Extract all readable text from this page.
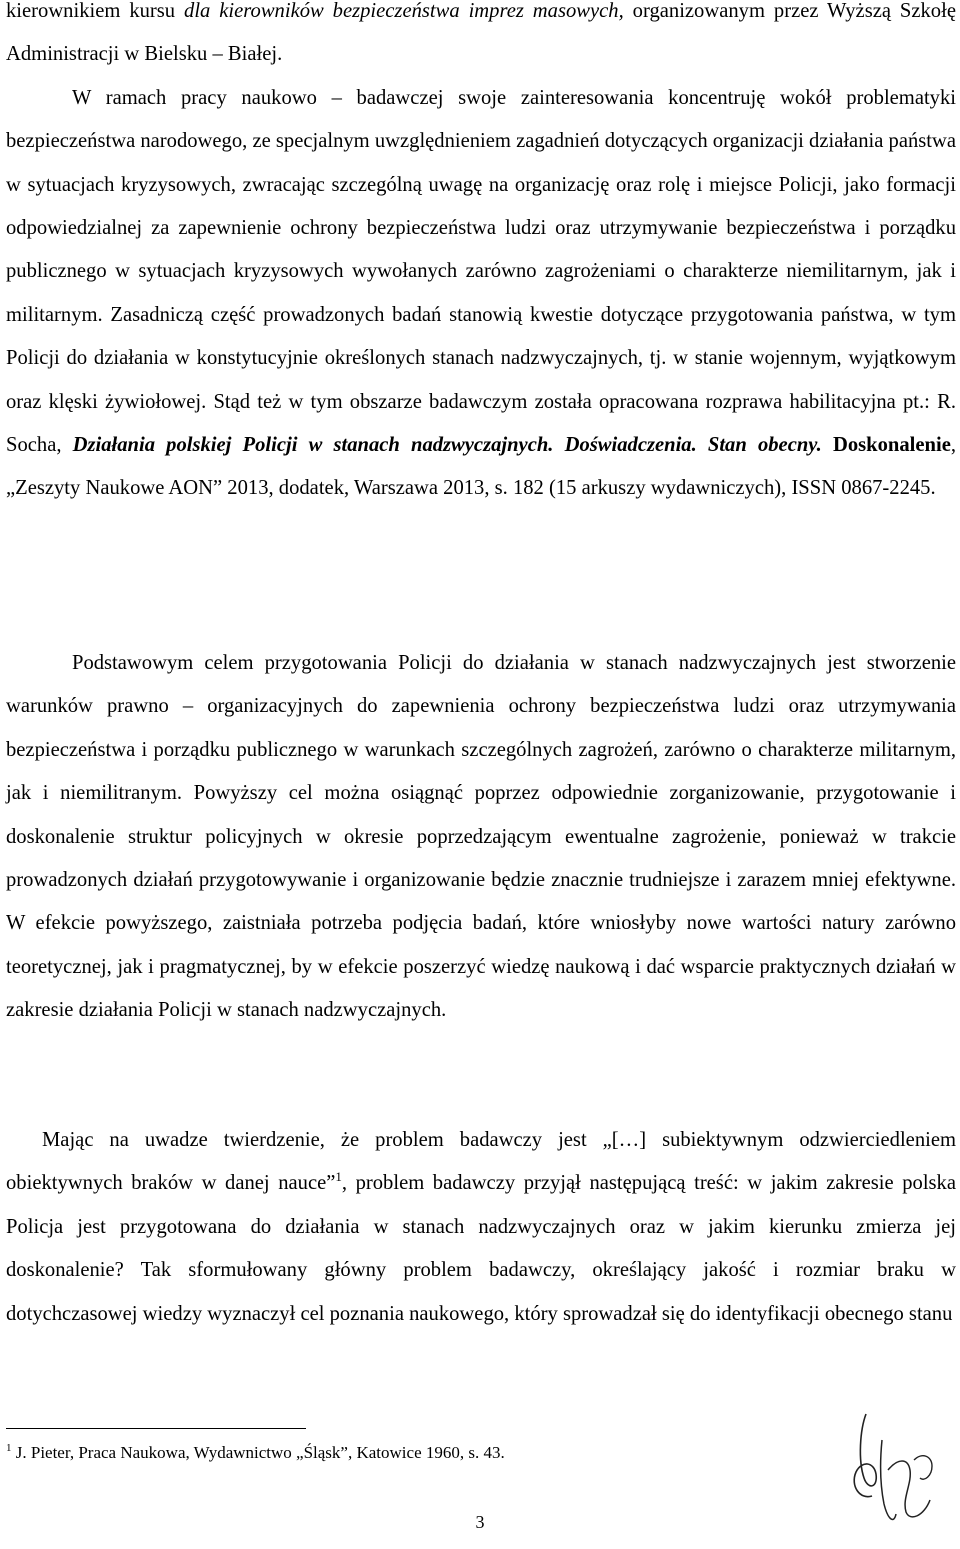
kierownikiem kursu dla kierowników bezpieczeństwa imprez masowych, organizowanym przez Wyższą Szkołę Administracji w Bielsku – Białej.
W ramach pracy naukowo – badawczej swoje zainteresowania koncentruję wokół problematyki bezpieczeństwa narodowego, ze specjalnym uwzględnieniem zagadnień dotyczących organizacji działania państwa w sytuacjach kryzysowych, zwracając szczególną uwagę na organizację oraz rolę i miejsce Policji, jako formacji odpowiedzialnej za zapewnienie ochrony bezpieczeństwa ludzi oraz utrzymywanie bezpieczeństwa i porządku publicznego w sytuacjach kryzysowych wywołanych zarówno zagrożeniami o charakterze niemilitarnym, jak i militarnym. Zasadniczą część prowadzonych badań stanowią kwestie dotyczące przygotowania państwa, w tym Policji do działania w konstytucyjnie określonych stanach nadzwyczajnych, tj. w stanie wojennym, wyjątkowym oraz klęski żywiołowej. Stąd też w tym obszarze badawczym została opracowana rozprawa habilitacyjna pt.: R. Socha, Działania polskiej Policji w stanach nadzwyczajnych. Doświadczenia. Stan obecny. Doskonalenie, „Zeszyty Naukowe AON” 2013, dodatek, Warszawa 2013, s. 182 (15 arkuszy wydawniczych), ISSN 0867-2245.

Podstawowym celem przygotowania Policji do działania w stanach nadzwyczajnych jest stworzenie warunków prawno – organizacyjnych do zapewnienia ochrony bezpieczeństwa ludzi oraz utrzymywania bezpieczeństwa i porządku publicznego w warunkach szczególnych zagrożeń, zarówno o charakterze militarnym, jak i niemilitranym. Powyższy cel można osiągnąć poprzez odpowiednie zorganizowanie, przygotowanie i doskonalenie struktur policyjnych w okresie poprzedzającym ewentualne zagrożenie, ponieważ w trakcie prowadzonych działań przygotowywanie i organizowanie będzie znacznie trudniejsze i zarazem mniej efektywne. W efekcie powyższego, zaistniała potrzeba podjęcia badań, które wniosłyby nowe wartości natury zarówno teoretycznej, jak i pragmatycznej, by w efekcie poszerzyć wiedzę naukową i dać wsparcie praktycznych działań w zakresie działania Policji w stanach nadzwyczajnych.

Mając na uwadze twierdzenie, że problem badawczy jest „[…] subiektywnym odzwierciedleniem obiektywnych braków w danej nauce”$^1$, problem badawczy przyjął następującą treść: w jakim zakresie polska Policja jest przygotowana do działania w stanach nadzwyczajnych oraz w jakim kierunku zmierza jej doskonalenie? Tak sformułowany główny problem badawczy, określający jakość i rozmiar braku w dotychczasowej wiedzy wyznaczył cel poznania naukowego, który sprowadzał się do identyfikacji obecnego stanu

$^1$ J. Pieter, Praca Naukowa, Wydawnictwo „Śląsk”, Katowice 1960, s. 43.
3
